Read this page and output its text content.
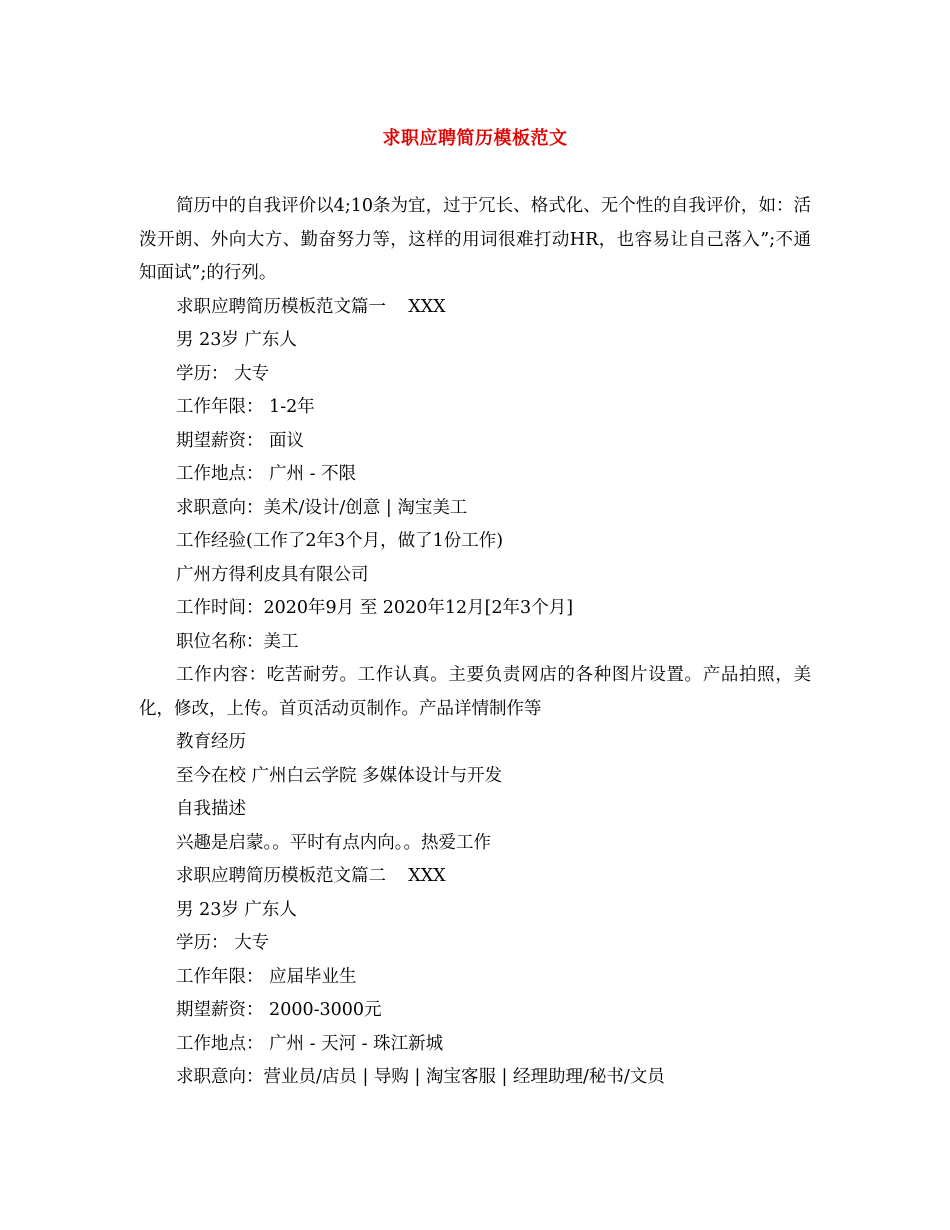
求职应聘简历模板范文

简历中的自我评价以4;10条为宜，过于冗长、格式化、无个性的自我评价，如：活泼开朗、外向大方、勤奋努力等，这样的用词很难打动HR，也容易让自己落入”;不通知面试”;的行列。

求职应聘简历模板范文篇一    XXX
男 23岁 广东人
学历： 大专
工作年限： 1-2年
期望薪资： 面议
工作地点： 广州 - 不限
求职意向：美术/设计/创意 | 淘宝美工
工作经验(工作了2年3个月，做了1份工作)
广州方得利皮具有限公司
工作时间：2020年9月 至 2020年12月[2年3个月]
职位名称：美工

工作内容：吃苦耐劳。工作认真。主要负责网店的各种图片设置。产品拍照，美化，修改，上传。首页活动页制作。产品详情制作等

教育经历
至今在校 广州白云学院 多媒体设计与开发
自我描述
兴趣是启蒙。。平时有点内向。。热爱工作
求职应聘简历模板范文篇二    XXX
男 23岁 广东人
学历： 大专
工作年限： 应届毕业生
期望薪资： 2000-3000元
工作地点： 广州 - 天河 - 珠江新城
求职意向：营业员/店员 | 导购 | 淘宝客服 | 经理助理/秘书/文员
